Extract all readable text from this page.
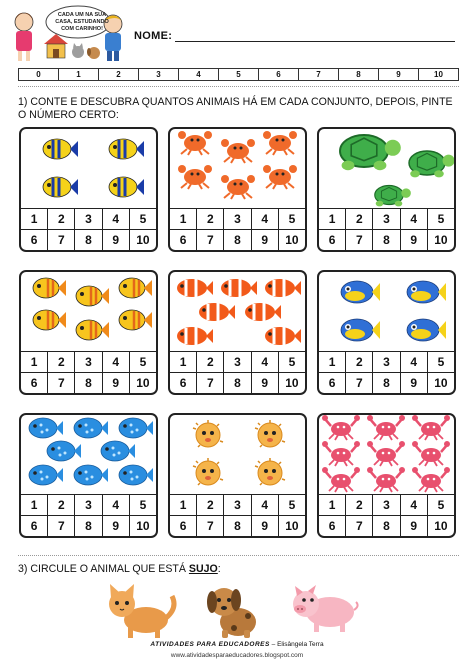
CADA UM NA SUA CASA, ESTUDANDO COM CARINHO!
NOME:
0	1	2	3	4	5	6	7	8	9	10
1) CONTE E DESCUBRA QUANTOS ANIMAIS HÁ EM CADA CONJUNTO, DEPOIS, PINTE O NÚMERO CERTO:
1	2	3	4	5
6	7	8	9	10
1	2	3	4	5
6	7	8	9	10
1	2	3	4	5
6	7	8	9	10
1	2	3	4	5
6	7	8	9	10
1	2	3	4	5
6	7	8	9	10
1	2	3	4	5
6	7	8	9	10
1	2	3	4	5
6	7	8	9	10
1	2	3	4	5
6	7	8	9	10
1	2	3	4	5
6	7	8	9	10
3) CIRCULE O ANIMAL QUE ESTÁ SUJO:
ATIVIDADES PARA EDUCADORES – Elisângela Terra
www.atividadesparaeducadores.blogspot.com
